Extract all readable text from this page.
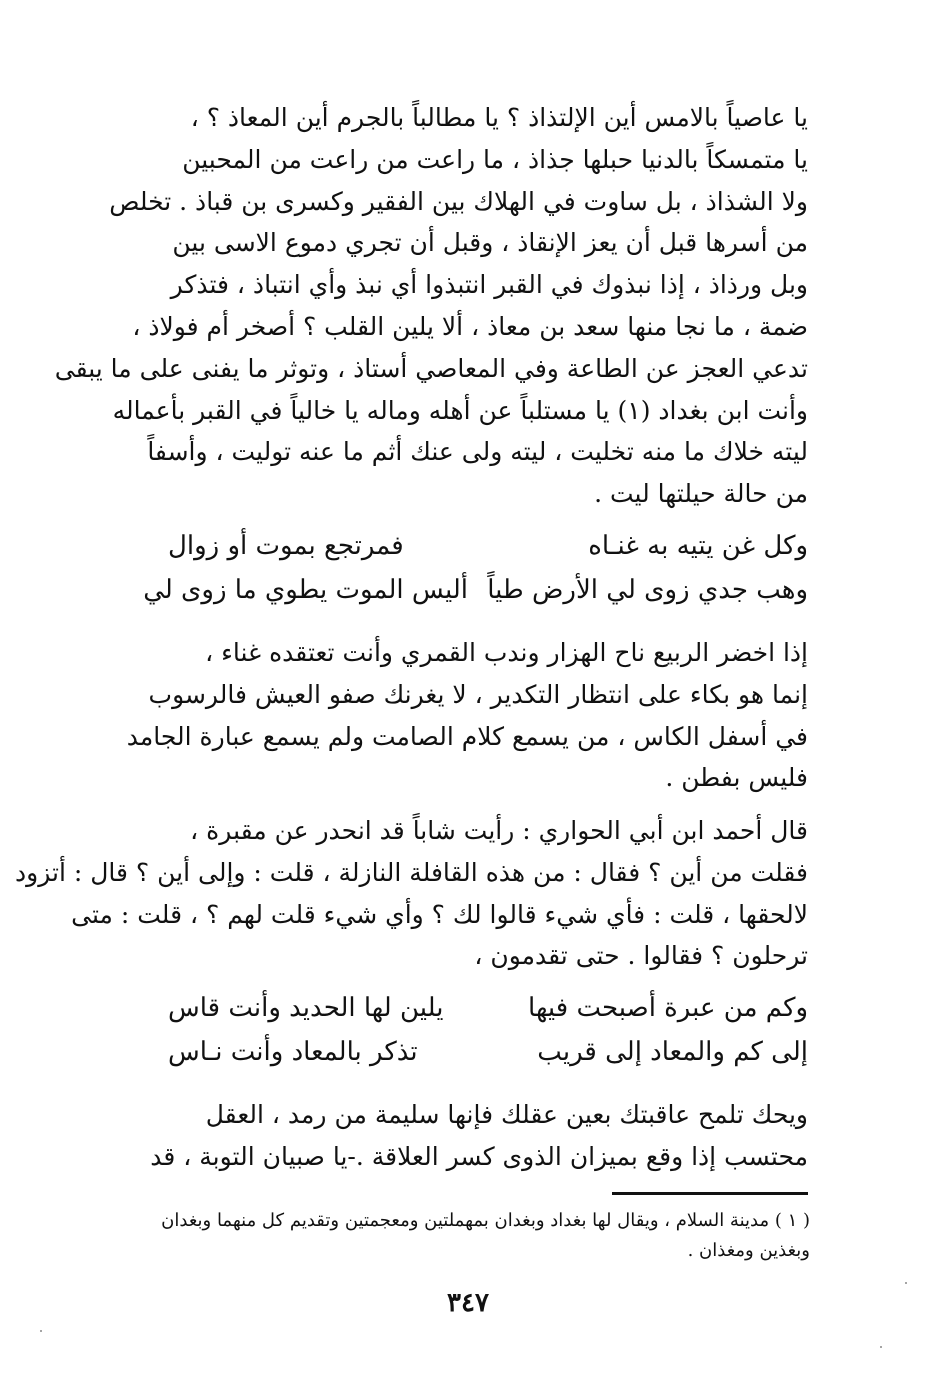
يا عاصياً بالامس أين الإلتذاذ ؟ يا مطالباً بالجرم أين المعاذ ؟ ،
يا متمسكاً بالدنيا حبلها جذاذ ، ما راعت من راعت من المحبين
ولا الشذاذ ، بل ساوت في الهلاك بين الفقير وكسرى بن قباذ . تخلص
من أسرها قبل أن يعز الإنقاذ ، وقبل أن تجري دموع الاسى بين
وبل ورذاذ ، إذا نبذوك في القبر انتبذوا أي نبذ وأي انتباذ ، فتذكر
ضمة ، ما نجا منها سعد بن معاذ ، ألا يلين القلب ؟ أصخر أم فولاذ ،
تدعي العجز عن الطاعة وفي المعاصي أستاذ ، وتوثر ما يفنى على ما يبقى
وأنت ابن بغداد (١) يا مستلباً عن أهله وماله يا خالياً في القبر بأعماله
ليته خلاك ما منه تخليت ، ليته ولى عنك أثم ما عنه توليت ، وأسفاً
من حالة حيلتها ليت .
وكل غن يتيه به غنـاه
فمرتجع بموت أو زوال
وهب جدي زوى لي الأرض طياً
أليس الموت يطوي ما زوى لي
إذا اخضر الربيع ناح الهزار وندب القمري وأنت تعتقده غناء ،
إنما هو بكاء على انتظار التكدير ، لا يغرنك صفو العيش فالرسوب
في أسفل الكاس ، من يسمع كلام الصامت ولم يسمع عبارة الجامد
فليس بفطن .
قال أحمد ابن أبي الحواري : رأيت شاباً قد انحدر عن مقبرة ،
فقلت من أين ؟ فقال : من هذه القافلة النازلة ، قلت : وإلى أين ؟ قال : أتزود
لالحقها ، قلت : فأي شيء قالوا لك ؟ وأي شيء قلت لهم ؟ ، قلت : متى
ترحلون ؟ فقالوا . حتى تقدمون ،
وكم من عبرة أصبحت فيها
يلين لها الحديد وأنت قاس
إلى كم والمعاد إلى قريب
تذكر بالمعاد وأنت نـاس
ويحك تلمح عاقبتك بعين عقلك فإنها سليمة من رمد ، العقل
محتسب إذا وقع بميزان الذوى كسر العلاقة .-يا صبيان التوبة ، قد
( ١ ) مدينة السلام ، ويقال لها بغداد وبغدان بمهملتين ومعجمتين وتقديم كل منهما وبغدان
وبغذين ومغذان .
٣٤٧
